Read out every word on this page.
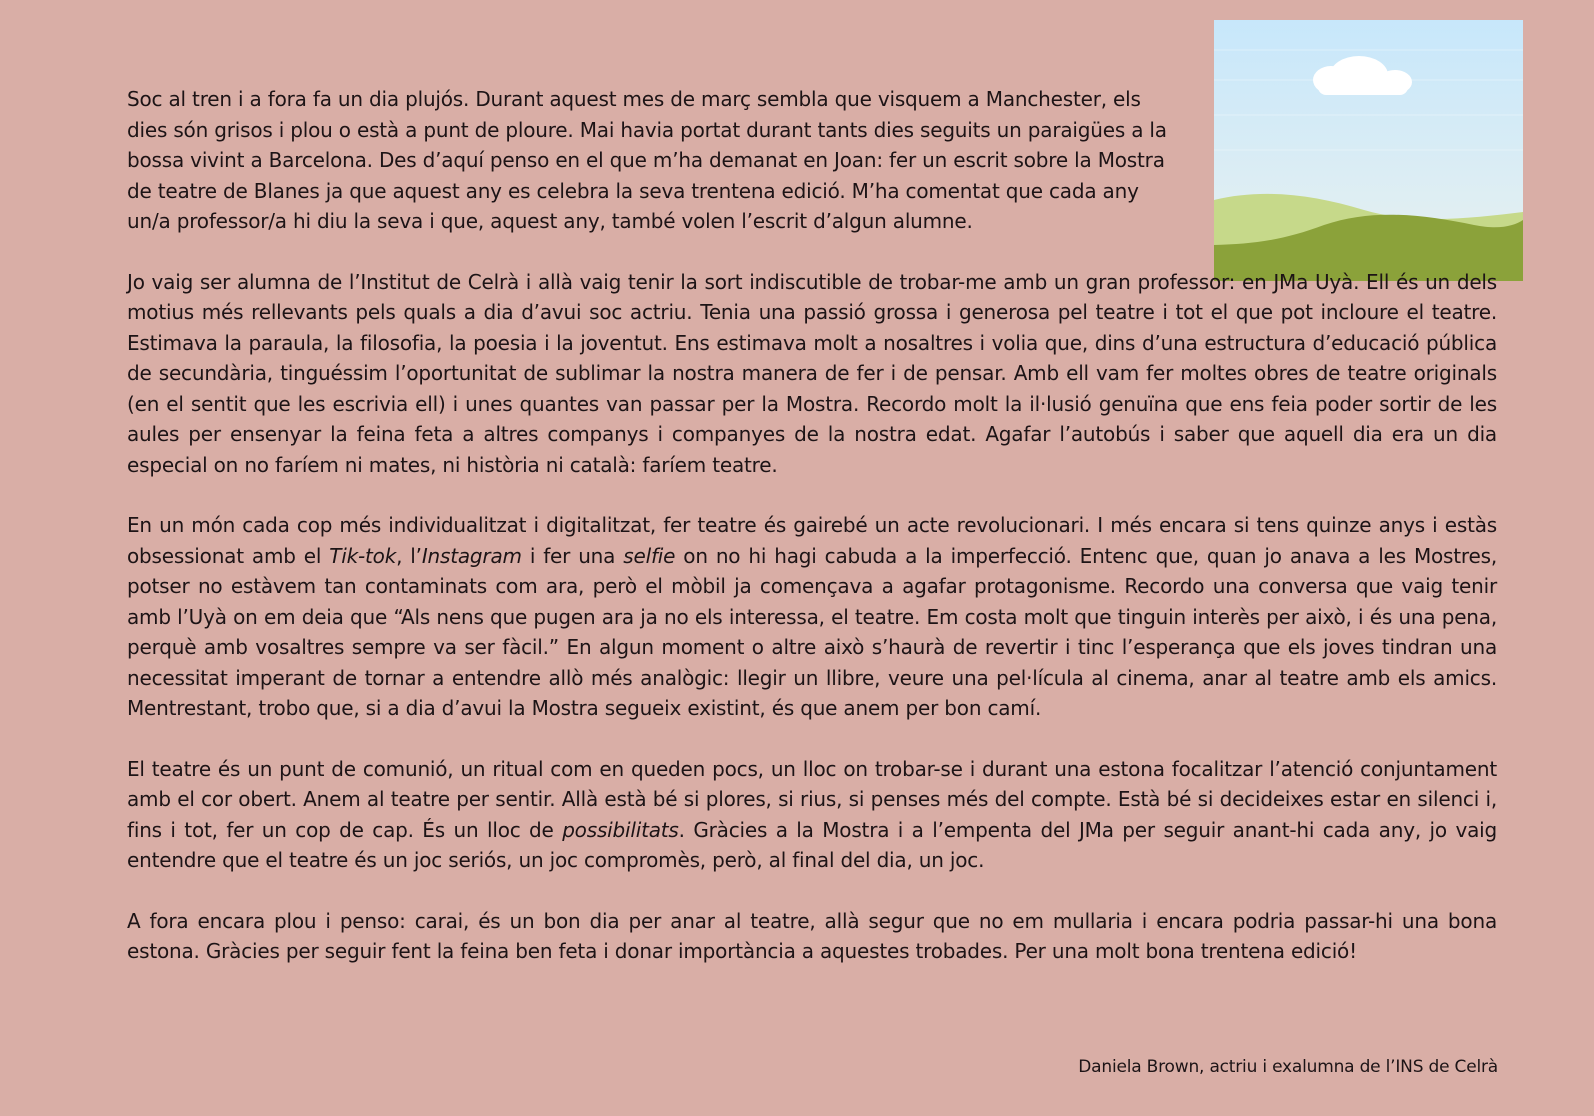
Soc al tren i a fora fa un dia plujós. Durant aquest mes de març sembla que visquem a Manchester, els dies són grisos i plou o està a punt de ploure. Mai havia portat durant tants dies seguits un paraigües a la bossa vivint a Barcelona. Des d’aquí penso en el que m’ha demanat en Joan: fer un escrit sobre la Mostra de teatre de Blanes ja que aquest any es celebra la seva trentena edició. M’ha comentat que cada any un/a professor/a hi diu la seva i que, aquest any, també volen l’escrit d’algun alumne.

Jo vaig ser alumna de l’Institut de Celrà i allà vaig tenir la sort indiscutible de trobar-me amb un gran professor: en JMa Uyà. Ell és un dels motius més rellevants pels quals a dia d’avui soc actriu. Tenia una passió grossa i generosa pel teatre i tot el que pot incloure el teatre. Estimava la paraula, la filosofia, la poesia i la joventut. Ens estimava molt a nosaltres i volia que, dins d’una estructura d’educació pública de secundària, tinguéssim l’oportunitat de sublimar la nostra manera de fer i de pensar. Amb ell vam fer moltes obres de teatre originals (en el sentit que les escrivia ell) i unes quantes van passar per la Mostra. Recordo molt la il·lusió genuïna que ens feia poder sortir de les aules per ensenyar la feina feta a altres companys i companyes de la nostra edat. Agafar l’autobús i saber que aquell dia era un dia especial on no faríem ni mates, ni història ni català: faríem teatre.

En un món cada cop més individualitzat i digitalitzat, fer teatre és gairebé un acte revolucionari. I més encara si tens quinze anys i estàs obsessionat amb el Tik-tok, l’Instagram i fer una selfie on no hi hagi cabuda a la imperfecció. Entenc que, quan jo anava a les Mostres, potser no estàvem tan contaminats com ara, però el mòbil ja començava a agafar protagonisme. Recordo una conversa que vaig tenir amb l’Uyà on em deia que “Als nens que pugen ara ja no els interessa, el teatre. Em costa molt que tinguin interès per això, i és una pena, perquè amb vosaltres sempre va ser fàcil.” En algun moment o altre això s’haurà de revertir i tinc l’esperança que els joves tindran una necessitat imperant de tornar a entendre allò més analògic: llegir un llibre, veure una pel·lícula al cinema, anar al teatre amb els amics. Mentrestant, trobo que, si a dia d’avui la Mostra segueix existint, és que anem per bon camí.

El teatre és un punt de comunió, un ritual com en queden pocs, un lloc on trobar-se i durant una estona focalitzar l’atenció conjuntament amb el cor obert. Anem al teatre per sentir. Allà està bé si plores, si rius, si penses més del compte. Està bé si decideixes estar en silenci i, fins i tot, fer un cop de cap. És un lloc de possibilitats. Gràcies a la Mostra i a l’empenta del JMa per seguir anant-hi cada any, jo vaig entendre que el teatre és un joc seriós, un joc compromès, però, al final del dia, un joc.

A fora encara plou i penso: carai, és un bon dia per anar al teatre, allà segur que no em mullaria i encara podria passar-hi una bona estona. Gràcies per seguir fent la feina ben feta i donar importància a aquestes trobades. Per una molt bona trentena edició!

Daniela Brown, actriu i exalumna de l’INS de Celrà
